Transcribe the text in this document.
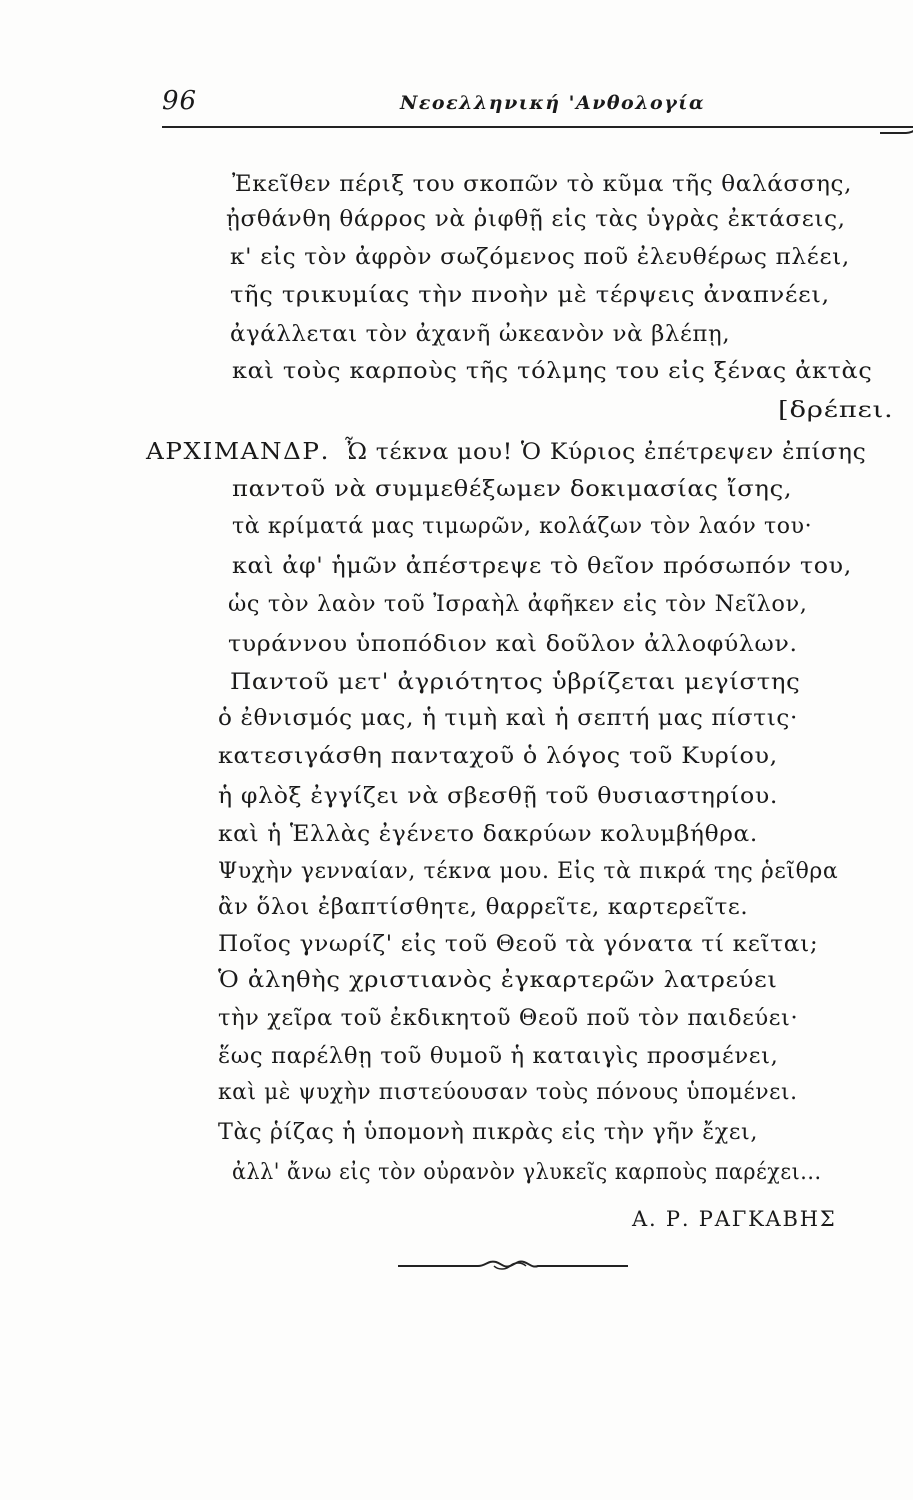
96	Νεοελληνική 'Ανθολογία
Ἐκεῖθεν πέριξ του σκοπῶν τὸ κῦμα τῆς θαλάσσης,
ᾐσθάνθη θάρρος νὰ ῥιφθῇ εἰς τὰς ὑγρὰς ἐκτάσεις,
κ' εἰς τὸν ἀφρὸν σωζόμενος ποῦ ἐλευθέρως πλέει,
τῆς τρικυμίας τὴν πνοὴν μὲ τέρψεις ἀναπνέει,
ἀγάλλεται τὸν ἀχανῆ ὠκεανὸν νὰ βλέπῃ,
καὶ τοὺς καρποὺς τῆς τόλμης του εἰς ξένας ἀκτὰς
[δρέπει.
ΑΡΧΙΜΑΝΔΡ. Ὦ τέκνα μου! Ὁ Κύριος ἐπέτρεψεν ἐπίσης
παντοῦ νὰ συμμεθέξωμεν δοκιμασίας ἴσης,
τὰ κρίματά μας τιμωρῶν, κολάζων τὸν λαόν του·
καὶ ἀφ' ἡμῶν ἀπέστρεψε τὸ θεῖον πρόσωπόν του,
ὡς τὸν λαὸν τοῦ Ἰσραὴλ ἀφῆκεν εἰς τὸν Νεῖλον,
τυράννου ὑποπόδιον καὶ δοῦλον ἀλλοφύλων.
Παντοῦ μετ' ἀγριότητος ὑβρίζεται μεγίστης
ὁ ἐθνισμός μας, ἡ τιμὴ καὶ ἡ σεπτή μας πίστις·
κατεσιγάσθη πανταχοῦ ὁ λόγος τοῦ Κυρίου,
ἡ φλὸξ ἐγγίζει νὰ σβεσθῇ τοῦ θυσιαστηρίου.
καὶ ἡ Ἑλλὰς ἐγένετο δακρύων κολυμβήθρα.
Ψυχὴν γενναίαν, τέκνα μου. Εἰς τὰ πικρά της ῥεῖθρα
ἂν ὅλοι ἐβαπτίσθητε, θαρρεῖτε, καρτερεῖτε.
Ποῖος γνωρίζ' εἰς τοῦ Θεοῦ τὰ γόνατα τί κεῖται;
Ὁ ἀληθὴς χριστιανὸς ἐγκαρτερῶν λατρεύει
τὴν χεῖρα τοῦ ἐκδικητοῦ Θεοῦ ποῦ τὸν παιδεύει·
ἕως παρέλθῃ τοῦ θυμοῦ ἡ καταιγὶς προσμένει,
καὶ μὲ ψυχὴν πιστεύουσαν τοὺς πόνους ὑπομένει.
Τὰς ῥίζας ἡ ὑπομονὴ πικρὰς εἰς τὴν γῆν ἔχει,
ἀλλ' ἄνω εἰς τὸν οὐρανὸν γλυκεῖς καρποὺς παρέχει...
Α. Ρ. ΡΑΓΚΑΒΗΣ
